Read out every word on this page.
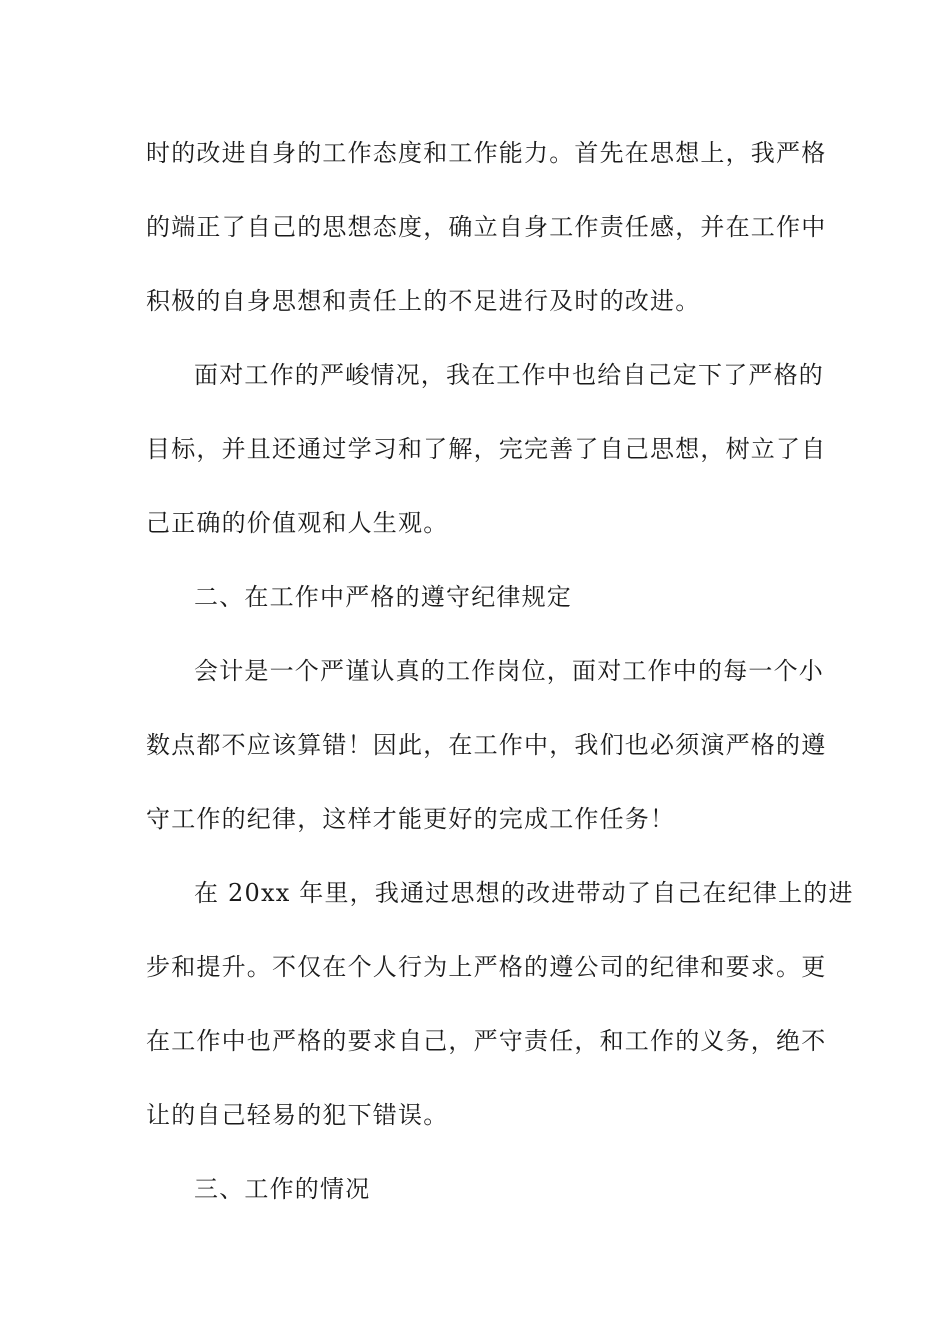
时的改进自身的工作态度和工作能力。首先在思想上，我严格
的端正了自己的思想态度，确立自身工作责任感，并在工作中
积极的自身思想和责任上的不足进行及时的改进。
面对工作的严峻情况，我在工作中也给自己定下了严格的
目标，并且还通过学习和了解，完完善了自己思想，树立了自
己正确的价值观和人生观。
二、在工作中严格的遵守纪律规定
会计是一个严谨认真的工作岗位，面对工作中的每一个小
数点都不应该算错！因此，在工作中，我们也必须演严格的遵
守工作的纪律，这样才能更好的完成工作任务！
在 20xx 年里，我通过思想的改进带动了自己在纪律上的进
步和提升。不仅在个人行为上严格的遵公司的纪律和要求。更
在工作中也严格的要求自己，严守责任，和工作的义务，绝不
让的自己轻易的犯下错误。
三、工作的情况
